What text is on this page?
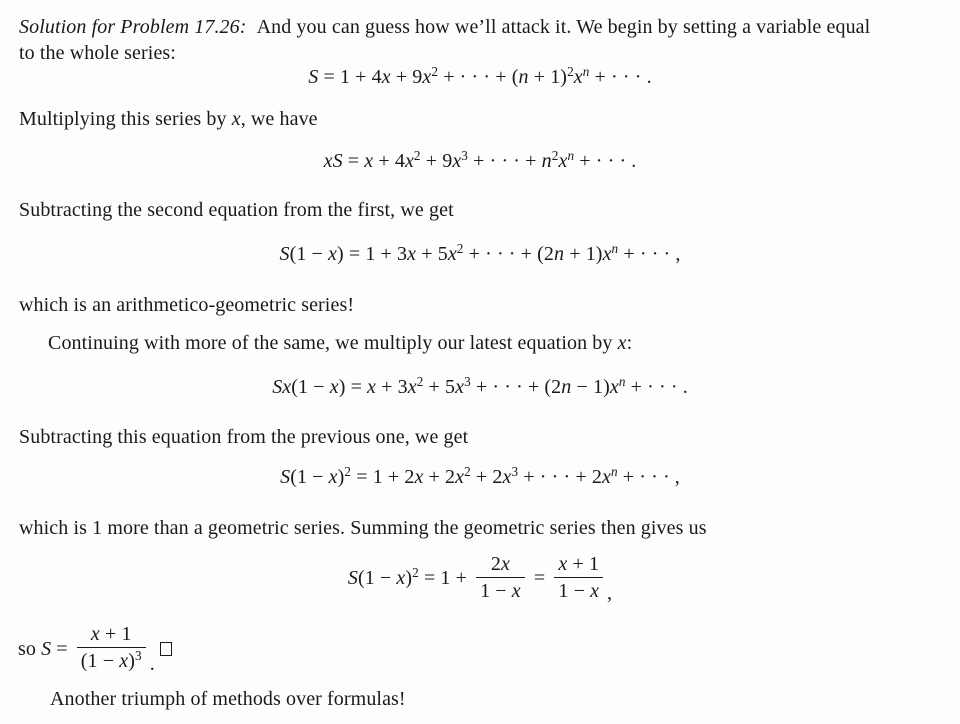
Solution for Problem 17.26: And you can guess how we’ll attack it. We begin by setting a variable equal
to the whole series:
$S = 1 + 4x + 9x^2$ + · · · + $(n + 1)^2x^n$ + · · · .
Multiplying this series by x, we have
xS = $x + 4x^2 + 9x^3$ + · · · + $n^2x^n$ + · · · .
Subtracting the second equation from the first, we get
$S(1 - x) = 1 + 3x + 5x^2$ + · · · + $(2n + 1)x^n$ + · · · ,
which is an arithmetico-geometric series!
Continuing with more of the same, we multiply our latest equation by x:
$Sx(1 - x) = x + 3x^2 + 5x^3$ + · · · + $(2n - 1)x^n$ + · · · .
Subtracting this equation from the previous one, we get
$S(1 - x)^2 = 1 + 2x + 2x^2 + 2x^3$ + · · · + $2x^n$ + · · · ,
which is 1 more than a geometric series. Summing the geometric series then gives us
$S(1 - x)^2 = 1 + \frac{2x}{1 - x} = \frac{x + 1}{1 - x}$ ,
so $S = \frac{x + 1}{(1 - x)^3}$ .
Another triumph of methods over formulas!
